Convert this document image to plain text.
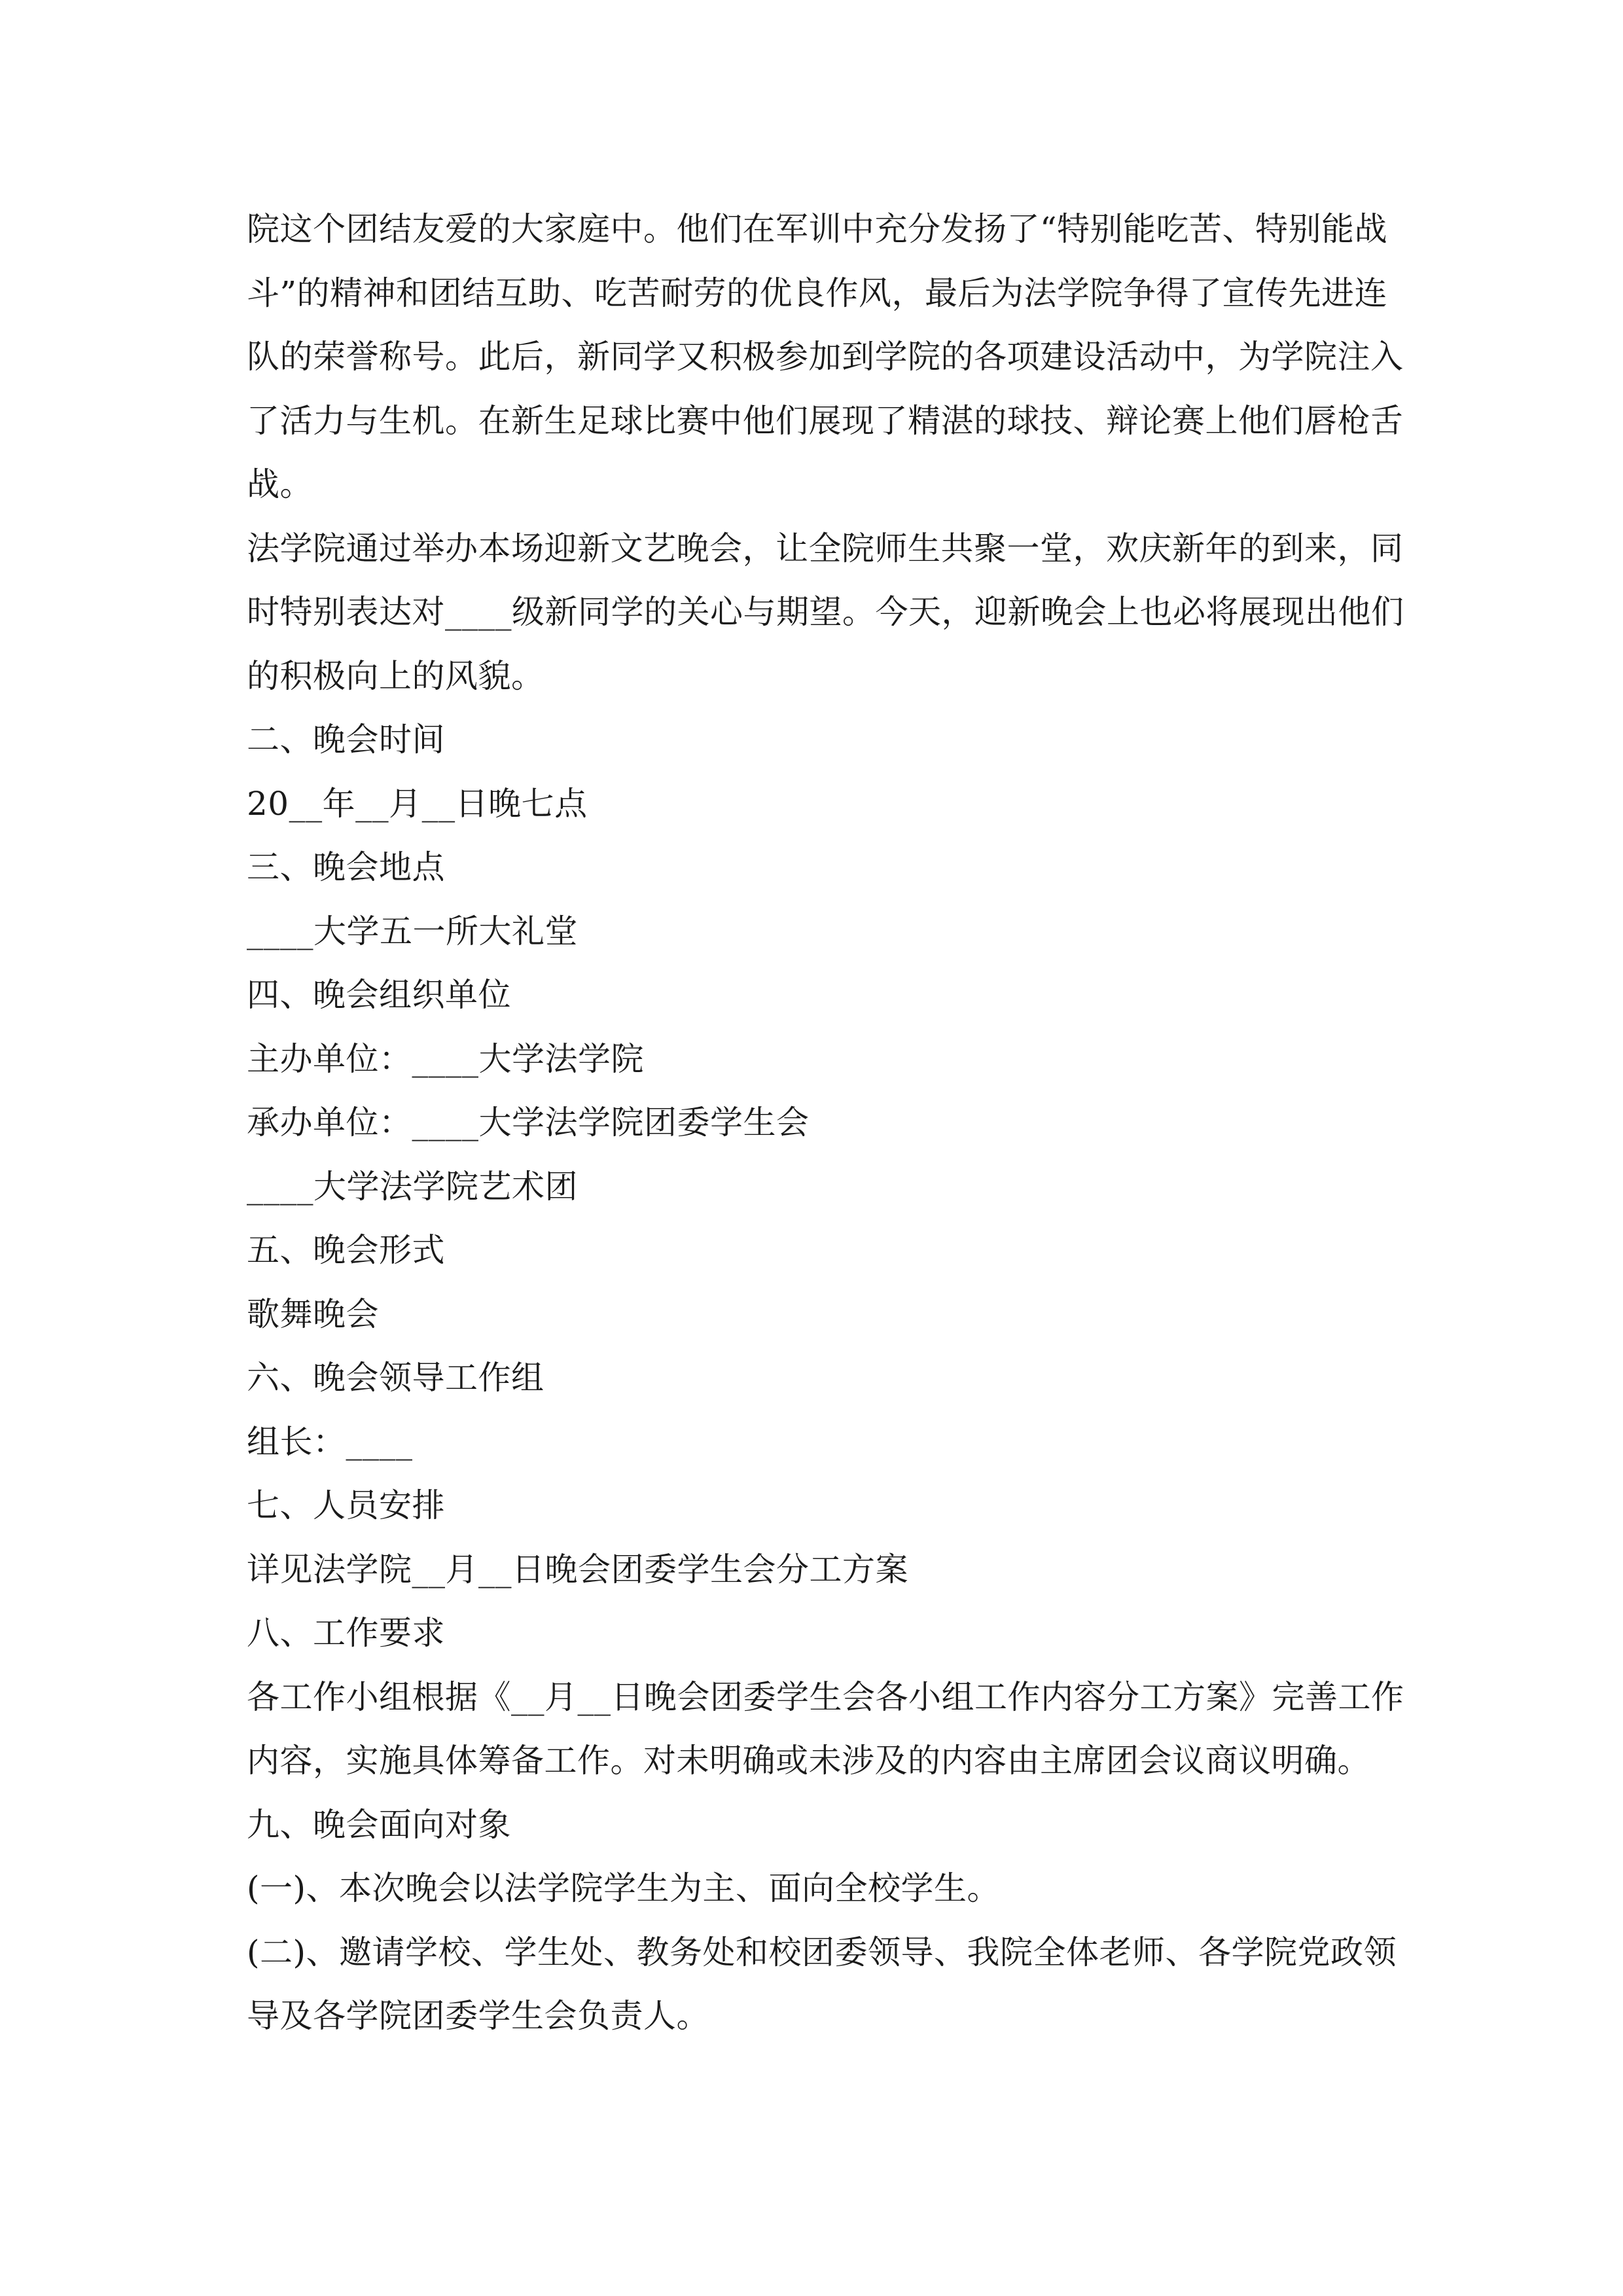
院这个团结友爱的大家庭中。他们在军训中充分发扬了“特别能吃苦、特别能战
斗”的精神和团结互助、吃苦耐劳的优良作风，最后为法学院争得了宣传先进连
队的荣誉称号。此后，新同学又积极参加到学院的各项建设活动中，为学院注入
了活力与生机。在新生足球比赛中他们展现了精湛的球技、辩论赛上他们唇枪舌
战。
法学院通过举办本场迎新文艺晚会，让全院师生共聚一堂，欢庆新年的到来，同
时特别表达对____级新同学的关心与期望。今天，迎新晚会上也必将展现出他们
的积极向上的风貌。
二、晚会时间
20__年__月__日晚七点
三、晚会地点
____大学五一所大礼堂
四、晚会组织单位
主办单位：____大学法学院
承办单位：____大学法学院团委学生会
____大学法学院艺术团
五、晚会形式
歌舞晚会
六、晚会领导工作组
组长：____
七、人员安排
详见法学院__月__日晚会团委学生会分工方案
八、工作要求
各工作小组根据《__月__日晚会团委学生会各小组工作内容分工方案》完善工作
内容，实施具体筹备工作。对未明确或未涉及的内容由主席团会议商议明确。
九、晚会面向对象
(一)、本次晚会以法学院学生为主、面向全校学生。
(二)、邀请学校、学生处、教务处和校团委领导、我院全体老师、各学院党政领
导及各学院团委学生会负责人。
